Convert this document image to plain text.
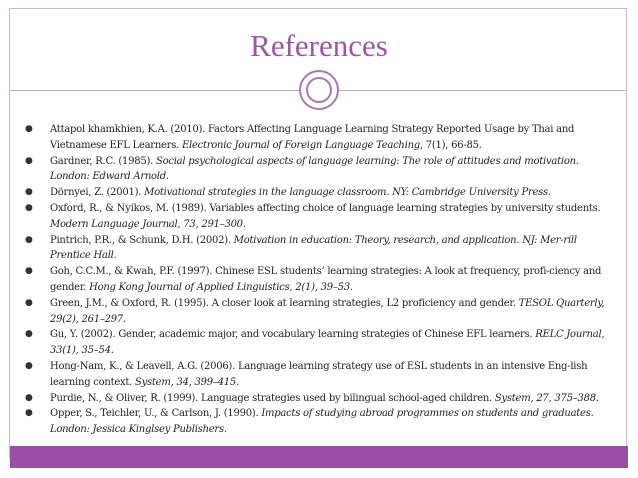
References
● Attapol khamkhien, K.A. (2010). Factors Affecting Language Learning Strategy Reported Usage by Thai and Vietnamese EFL Learners. Electronic Journal of Foreign Language Teaching, 7(1), 66-85.
● Gardner, R.C. (1985). Social psychological aspects of language learning: The role of attitudes and motivation. London: Edward Arnold.
● Dörnyei, Z. (2001). Motivational strategies in the language classroom. NY: Cambridge University Press.
● Oxford, R., & Nyikos, M. (1989). Variables affecting choice of language learning strategies by university students. Modern Language Journal, 73, 291–300.
● Pintrich, P.R., & Schunk, D.H. (2002). Motivation in education: Theory, research, and application. NJ: Mer-rill Prentice Hall.
● Goh, C.C.M., & Kwah, P.F. (1997). Chinese ESL students’ learning strategies: A look at frequency, profi-ciency and gender. Hong Kong Journal of Applied Linguistics, 2(1), 39–53.
● Green, J.M., & Oxford, R. (1995). A closer look at learning strategies, L2 proficiency and gender. TESOL Quarterly, 29(2), 261–297.
● Gu, Y. (2002). Gender, academic major, and vocabulary learning strategies of Chinese EFL learners. RELC Journal, 33(1), 35–54.
● Hong-Nam, K., & Leavell, A.G. (2006). Language learning strategy use of ESL students in an intensive Eng-lish learning context. System, 34, 399–415.
● Purdie, N., & Oliver, R. (1999). Language strategies used by bilingual school-aged children. System, 27, 375–388.
● Opper, S., Teichler, U., & Carlson, J. (1990). Impacts of studying abroad programmes on students and graduates. London: Jessica Kinglsey Publishers.
